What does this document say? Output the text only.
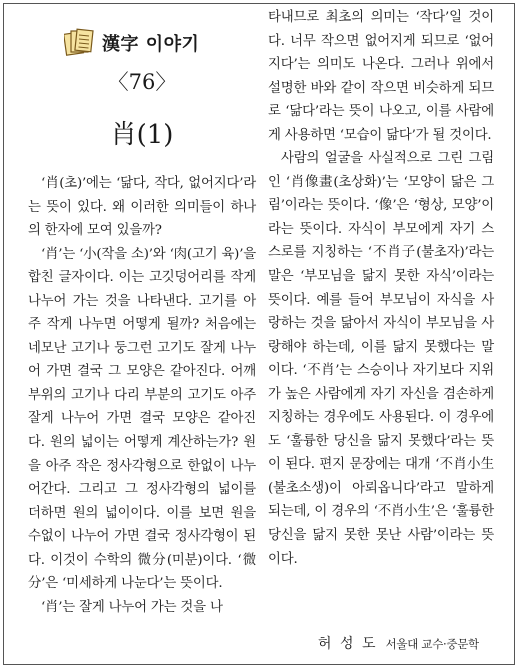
漢字 이야기
〈76〉
肖(1)

‘肖(초)’에는 ‘닮다, 작다, 없어지다’라는 뜻이 있다. 왜 이러한 의미들이 하나의 한자에 모여 있을까?

‘肖’는 ‘小(작을 소)’와 ‘肉(고기 육)’을 합친 글자이다. 이는 고깃덩어리를 작게 나누어 가는 것을 나타낸다. 고기를 아주 작게 나누면 어떻게 될까? 처음에는 네모난 고기나 둥그런 고기도 잘게 나누어 가면 결국 그 모양은 같아진다. 어깨 부위의 고기나 다리 부분의 고기도 아주 잘게 나누어 가면 결국 모양은 같아진다. 원의 넓이는 어떻게 계산하는가? 원을 아주 작은 정사각형으로 한없이 나누어간다. 그리고 그 정사각형의 넓이를 더하면 원의 넓이이다. 이를 보면 원을 수없이 나누어 가면 결국 정사각형이 된다. 이것이 수학의 微分(미분)이다. ‘微分’은 ‘미세하게 나눈다’는 뜻이다.

‘肖’는 잘게 나누어 가는 것을 나

타내므로 최초의 의미는 ‘작다’일 것이다. 너무 작으면 없어지게 되므로 ‘없어지다’는 의미도 나온다. 그러나 위에서 설명한 바와 같이 작으면 비슷하게 되므로 ‘닮다’라는 뜻이 나오고, 이를 사람에게 사용하면 ‘모습이 닮다’가 될 것이다.

사람의 얼굴을 사실적으로 그린 그림인 ‘肖像畫(초상화)’는 ‘모양이 닮은 그림’이라는 뜻이다. ‘像’은 ‘형상, 모양’이라는 뜻이다. 자식이 부모에게 자기 스스로를 지칭하는 ‘不肖子(불초자)’라는 말은 ‘부모님을 닮지 못한 자식’이라는 뜻이다. 예를 들어 부모님이 자식을 사랑하는 것을 닮아서 자식이 부모님을 사랑해야 하는데, 이를 닮지 못했다는 말이다. ‘不肖’는 스승이나 자기보다 지위가 높은 사람에게 자기 자신을 겸손하게 지칭하는 경우에도 사용된다. 이 경우에도 ‘훌륭한 당신을 닮지 못했다’라는 뜻이 된다. 편지 문장에는 대개 ‘不肖小生(불초소생)이 아뢰옵니다’라고 말하게 되는데, 이 경우의 ‘不肖小生’은 ‘훌륭한 당신을 닮지 못한 못난 사람’이라는 뜻이다.

허 성 도 서울대 교수·중문학
